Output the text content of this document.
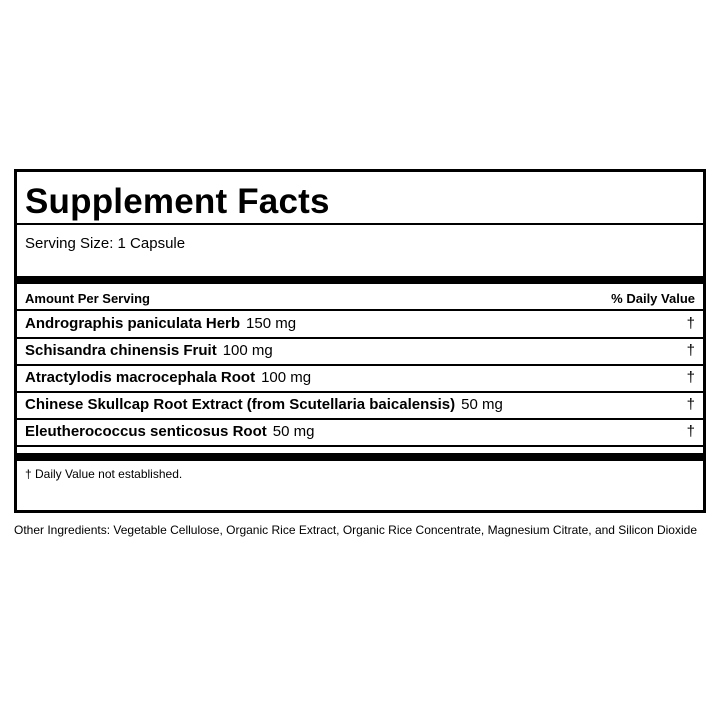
Supplement Facts
Serving Size: 1 Capsule
Amount Per Serving	% Daily Value
Andrographis paniculata Herb 150 mg	†
Schisandra chinensis Fruit 100 mg	†
Atractylodis macrocephala Root 100 mg	†
Chinese Skullcap Root Extract (from Scutellaria baicalensis) 50 mg	†
Eleutherococcus senticosus Root 50 mg	†
† Daily Value not established.
Other Ingredients: Vegetable Cellulose, Organic Rice Extract, Organic Rice Concentrate, Magnesium Citrate, and Silicon Dioxide
